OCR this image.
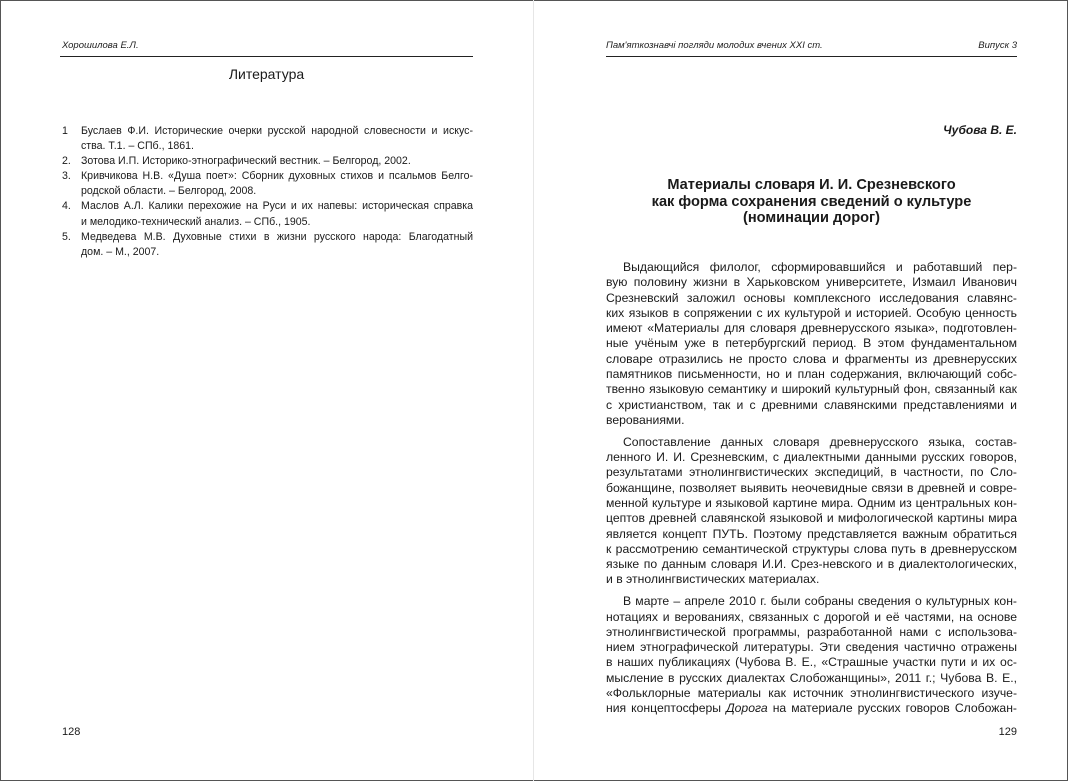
Хорошилова Е.Л.
Литература
1	Буслаев Ф.И. Исторические очерки русской народной словесности и искус-
ства. Т.1. – СПб., 1861.
2. Зотова И.П. Историко-этнографический вестник. – Белгород, 2002.
3. Кривчикова Н.В. «Душа поет»: Сборник духовных стихов и псальмов Белго-
родской области. – Белгород, 2008.
4. Маслов А.Л. Калики перехожие на Руси и их напевы: историческая справка
и мелодико-технический анализ. – СПб., 1905.
5. Медведева М.В. Духовные стихи в жизни русского народа: Благодатный
дом. – М., 2007.
128
Пам'яткознавчі погляди молодих вчених XXI ст.	Випуск 3
Чубова В. Е.
Материалы словаря И. И. Срезневского
как форма сохранения сведений о культуре
(номинации дорог)
Выдающийся филолог, сформировавшийся и работавший пер-
вую половину жизни в Харьковском университете, Измаил Иванович
Срезневский заложил основы комплексного исследования славянс-
ких языков в сопряжении с их культурой и историей. Особую ценность
имеют «Материалы для словаря древнерусского языка», подготовлен-
ные учёным уже в петербургский период. В этом фундаментальном
словаре отразились не просто слова и фрагменты из древнерусских
памятников письменности, но и план содержания, включающий собс-
твенно языковую семантику и широкий культурный фон, связанный как
с христианством, так и с древними славянскими представлениями и
верованиями.
Сопоставление данных словаря древнерусского языка, состав-
ленного И. И. Срезневским, с диалектными данными русских говоров,
результатами этнолингвистических экспедиций, в частности, по Сло-
божанщине, позволяет выявить неочевидные связи в древней и совре-
менной культуре и языковой картине мира. Одним из центральных кон-
цептов древней славянской языковой и мифологической картины мира
является концепт ПУТЬ. Поэтому представляется важным обратиться
к рассмотрению семантической структуры слова путь в древнерусском
языке по данным словаря И.И. Срез-невского и в диалектологических,
и в этнолингвистических материалах.
В марте – апреле 2010 г. были собраны сведения о культурных кон-
нотациях и верованиях, связанных с дорогой и её частями, на основе
этнолингвистической программы, разработанной нами с использова-
нием этнографической литературы. Эти сведения частично отражены
в наших публикациях (Чубова В. Е., «Страшные участки пути и их ос-
мысление в русских диалектах Слобожанщины», 2011 г.; Чубова В. Е.,
«Фольклорные материалы как источник этнолингвистического изуче-
ния концептосферы Дорога на материале русских говоров Слобожан-
129
